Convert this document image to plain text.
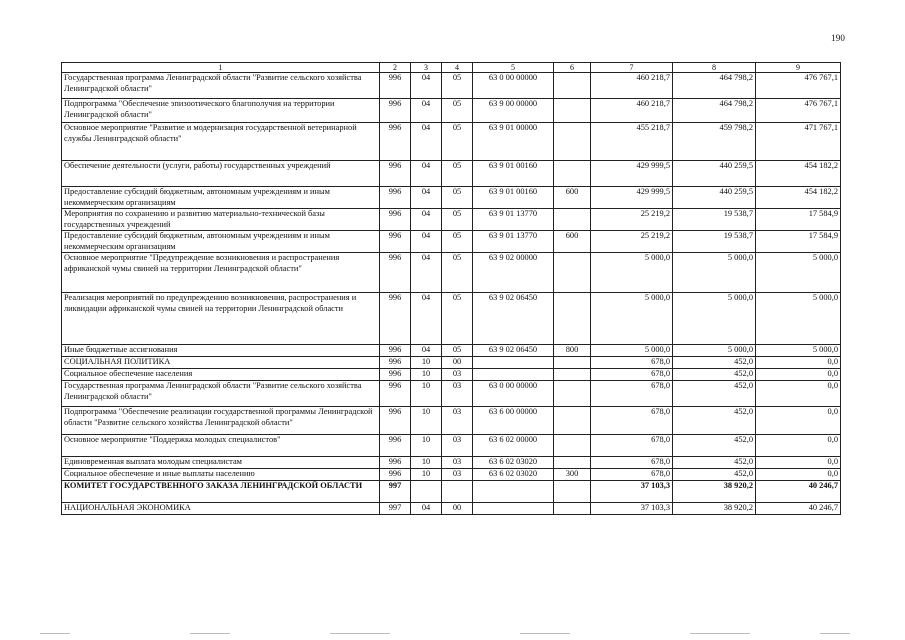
190
1	2	3	4	5	6	7	8	9
Государственная программа Ленинградской области "Развитие сельского хозяйства Ленинградской области"	996	04	05	63 0 00 00000		460 218,7	464 798,2	476 767,1
Подпрограмма "Обеспечение эпизоотического благополучия на территории Ленинградской области"	996	04	05	63 9 00 00000		460 218,7	464 798,2	476 767,1
Основное мероприятие "Развитие и модернизация государственной ветеринарной службы Ленинградской области"	996	04	05	63 9 01 00000		455 218,7	459 798,2	471 767,1
Обеспечение деятельности (услуги, работы) государственных учреждений	996	04	05	63 9 01 00160		429 999,5	440 259,5	454 182,2
Предоставление субсидий бюджетным, автономным учреждениям и иным некоммерческим организациям	996	04	05	63 9 01 00160	600	429 999,5	440 259,5	454 182,2
Мероприятия по сохранению и развитию материально-технической базы государственных учреждений	996	04	05	63 9 01 13770		25 219,2	19 538,7	17 584,9
Предоставление субсидий бюджетным, автономным учреждениям и иным некоммерческим организациям	996	04	05	63 9 01 13770	600	25 219,2	19 538,7	17 584,9
Основное мероприятие "Предупреждение возникновения и распространения африканской чумы свиней на территории Ленинградской области"	996	04	05	63 9 02 00000		5 000,0	5 000,0	5 000,0
Реализация мероприятий по предупреждению возникновения, распространения и ликвидации африканской чумы свиней на территории Ленинградской области	996	04	05	63 9 02 06450		5 000,0	5 000,0	5 000,0
Иные бюджетные ассигнования	996	04	05	63 9 02 06450	800	5 000,0	5 000,0	5 000,0
СОЦИАЛЬНАЯ ПОЛИТИКА	996	10	00			678,0	452,0	0,0
Социальное обеспечение населения	996	10	03			678,0	452,0	0,0
Государственная программа Ленинградской области "Развитие сельского хозяйства Ленинградской области"	996	10	03	63 0 00 00000		678,0	452,0	0,0
Подпрограмма "Обеспечение реализации государственной программы Ленинградской области "Развитие сельского хозяйства Ленинградской области"	996	10	03	63 6 00 00000		678,0	452,0	0,0
Основное мероприятие "Поддержка молодых специалистов"	996	10	03	63 6 02 00000		678,0	452,0	0,0
Единовременная выплата молодым специалистам	996	10	03	63 6 02 03020		678,0	452,0	0,0
Социальное обеспечение и иные выплаты населению	996	10	03	63 6 02 03020	300	678,0	452,0	0,0
КОМИТЕТ ГОСУДАРСТВЕННОГО ЗАКАЗА ЛЕНИНГРАДСКОЙ ОБЛАСТИ	997					37 103,3	38 920,2	40 246,7
НАЦИОНАЛЬНАЯ ЭКОНОМИКА	997	04	00			37 103,3	38 920,2	40 246,7
